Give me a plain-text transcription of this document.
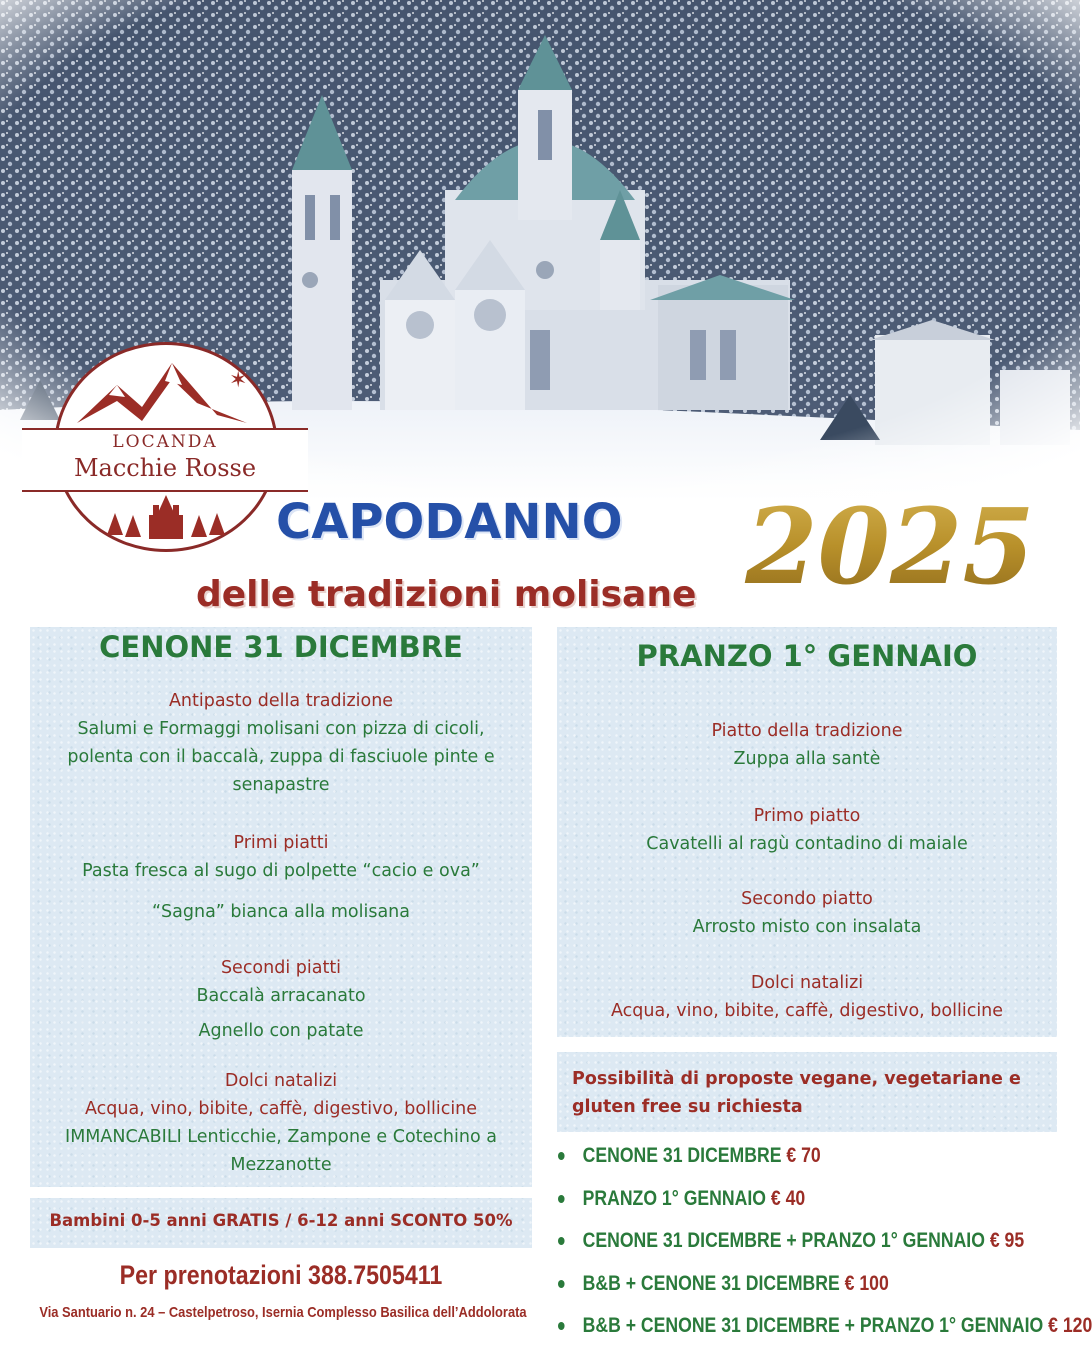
✶
LOCANDA
Macchie Rosse
CAPODANNO
delle tradizioni molisane 2025
CENONE 31 DICEMBRE
Antipasto della tradizione
Salumi e Formaggi molisani con pizza di cicoli,
polenta con il baccalà, zuppa di fasciuole pinte e
senapastre
Primi piatti
Pasta fresca al sugo di polpette “cacio e ova”
“Sagna” bianca alla molisana
Secondi piatti
Baccalà arracanato
Agnello con patate
Dolci natalizi
Acqua, vino, bibite, caffè, digestivo, bollicine
IMMANCABILI Lenticchie, Zampone e Cotechino a
Mezzanotte
PRANZO 1° GENNAIO
Piatto della tradizione
Zuppa alla santè
Primo piatto
Cavatelli al ragù contadino di maiale
Secondo piatto
Arrosto misto con insalata
Dolci natalizi
Acqua, vino, bibite, caffè, digestivo, bollicine
Bambini 0-5 anni GRATIS / 6-12 anni SCONTO 50%
Possibilità di proposte vegane, vegetariane e gluten free su richiesta
CENONE 31 DICEMBRE € 70
PRANZO 1° GENNAIO € 40
CENONE 31 DICEMBRE + PRANZO 1° GENNAIO € 95
B&B + CENONE 31 DICEMBRE € 100
B&B + CENONE 31 DICEMBRE + PRANZO 1° GENNAIO € 120
Per prenotazioni 388.7505411
Via Santuario n. 24 – Castelpetroso, Isernia Complesso Basilica dell’Addolorata
